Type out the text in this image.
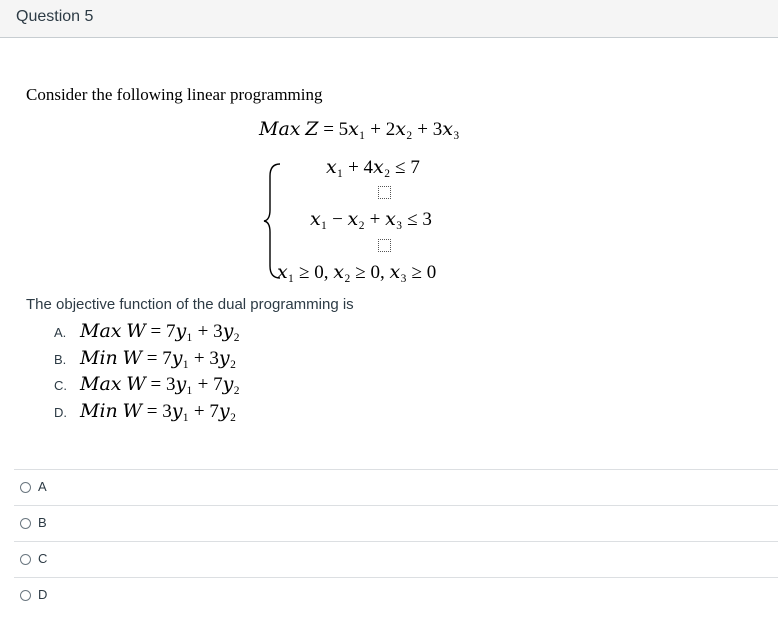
Question 5
Consider the following linear programming
𝑀𝑎𝑥 𝑍 = 5𝑥₁ + 2𝑥₂ + 3𝑥₃
𝑥₁ + 4𝑥₂ ≤ 7
𝑥₁ − 𝑥₂ + 𝑥₃ ≤ 3
𝑥₁ ≥ 0, 𝑥₂ ≥ 0, 𝑥₃ ≥ 0
The objective function of the dual programming is
A. 𝑀𝑎𝑥 𝑊 = 7𝑦₁ + 3𝑦₂
B. 𝑀𝑖𝑛 𝑊 = 7𝑦₁ + 3𝑦₂
C. 𝑀𝑎𝑥 𝑊 = 3𝑦₁ + 7𝑦₂
D. 𝑀𝑖𝑛 𝑊 = 3𝑦₁ + 7𝑦₂
A
B
C
D
